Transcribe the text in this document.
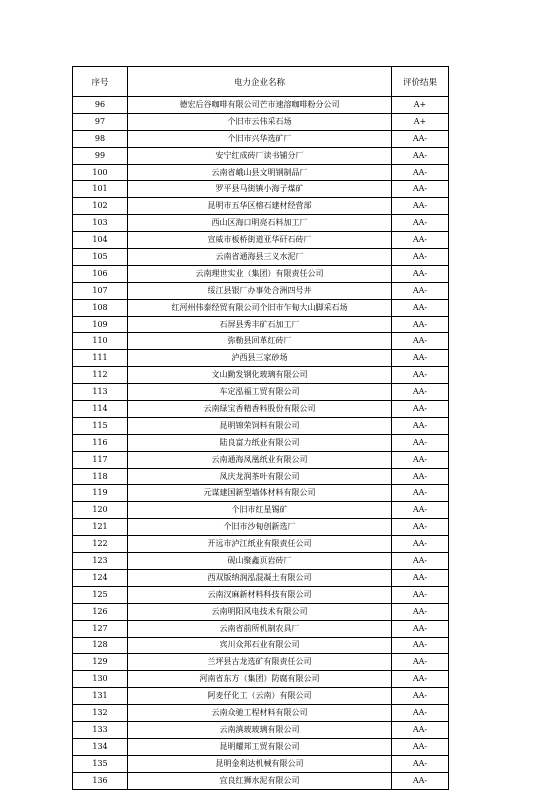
序号	电力企业名称	评价结果
96	德宏后谷咖啡有限公司芒市速溶咖啡粉分公司	A+
97	个旧市云伟采石场	A+
98	个旧市兴华选矿厂	AA-
99	安宁红成砖厂读书铺分厂	AA-
100	云南省峨山县文明钢制品厂	AA-
101	罗平县马街镇小海子煤矿	AA-
102	昆明市五华区榕石建材经营部	AA-
103	西山区海口明亮石料加工厂	AA-
104	宣威市板桥街道亚华矸石砖厂	AA-
105	云南省通海县三义水泥厂	AA-
106	云南理世实业（集团）有限责任公司	AA-
107	绥江县银厂办事处合洲四号井	AA-
108	红河州伟泰经贸有限公司个旧市乍甸大山脚采石场	AA-
109	石屏县秀丰矿石加工厂	AA-
110	弥勒县回革红砖厂	AA-
111	泸西县三家砂场	AA-
112	文山勤发钢化玻璃有限公司	AA-
113	车定泓福工贸有限公司	AA-
114	云南绿宝香精香料股份有限公司	AA-
115	昆明锦荣饲料有限公司	AA-
116	陆良富力纸业有限公司	AA-
117	云南通海凤凰纸业有限公司	AA-
118	凤庆龙润茶叶有限公司	AA-
119	元谋建国新型墙体材料有限公司	AA-
120	个旧市红星锡矿	AA-
121	个旧市沙甸创新选厂	AA-
122	开远市泸江纸业有限责任公司	AA-
123	砚山聚鑫页岩砖厂	AA-
124	西双版纳润泓混凝土有限公司	AA-
125	云南汉麻新材料科技有限公司	AA-
126	云南明阳风电技术有限公司	AA-
127	云南省前所机制农具厂	AA-
128	宾川众邦石业有限公司	AA-
129	兰坪县古龙选矿有限责任公司	AA-
130	河南省东方（集团）防腐有限公司	AA-
131	阿麦仔化工（云南）有限公司	AA-
132	云南众驰工程材料有限公司	AA-
133	云南滇玻玻璃有限公司	AA-
134	昆明耀邦工贸有限公司	AA-
135	昆明金利达机械有限公司	AA-
136	宜良红狮水泥有限公司	AA-
